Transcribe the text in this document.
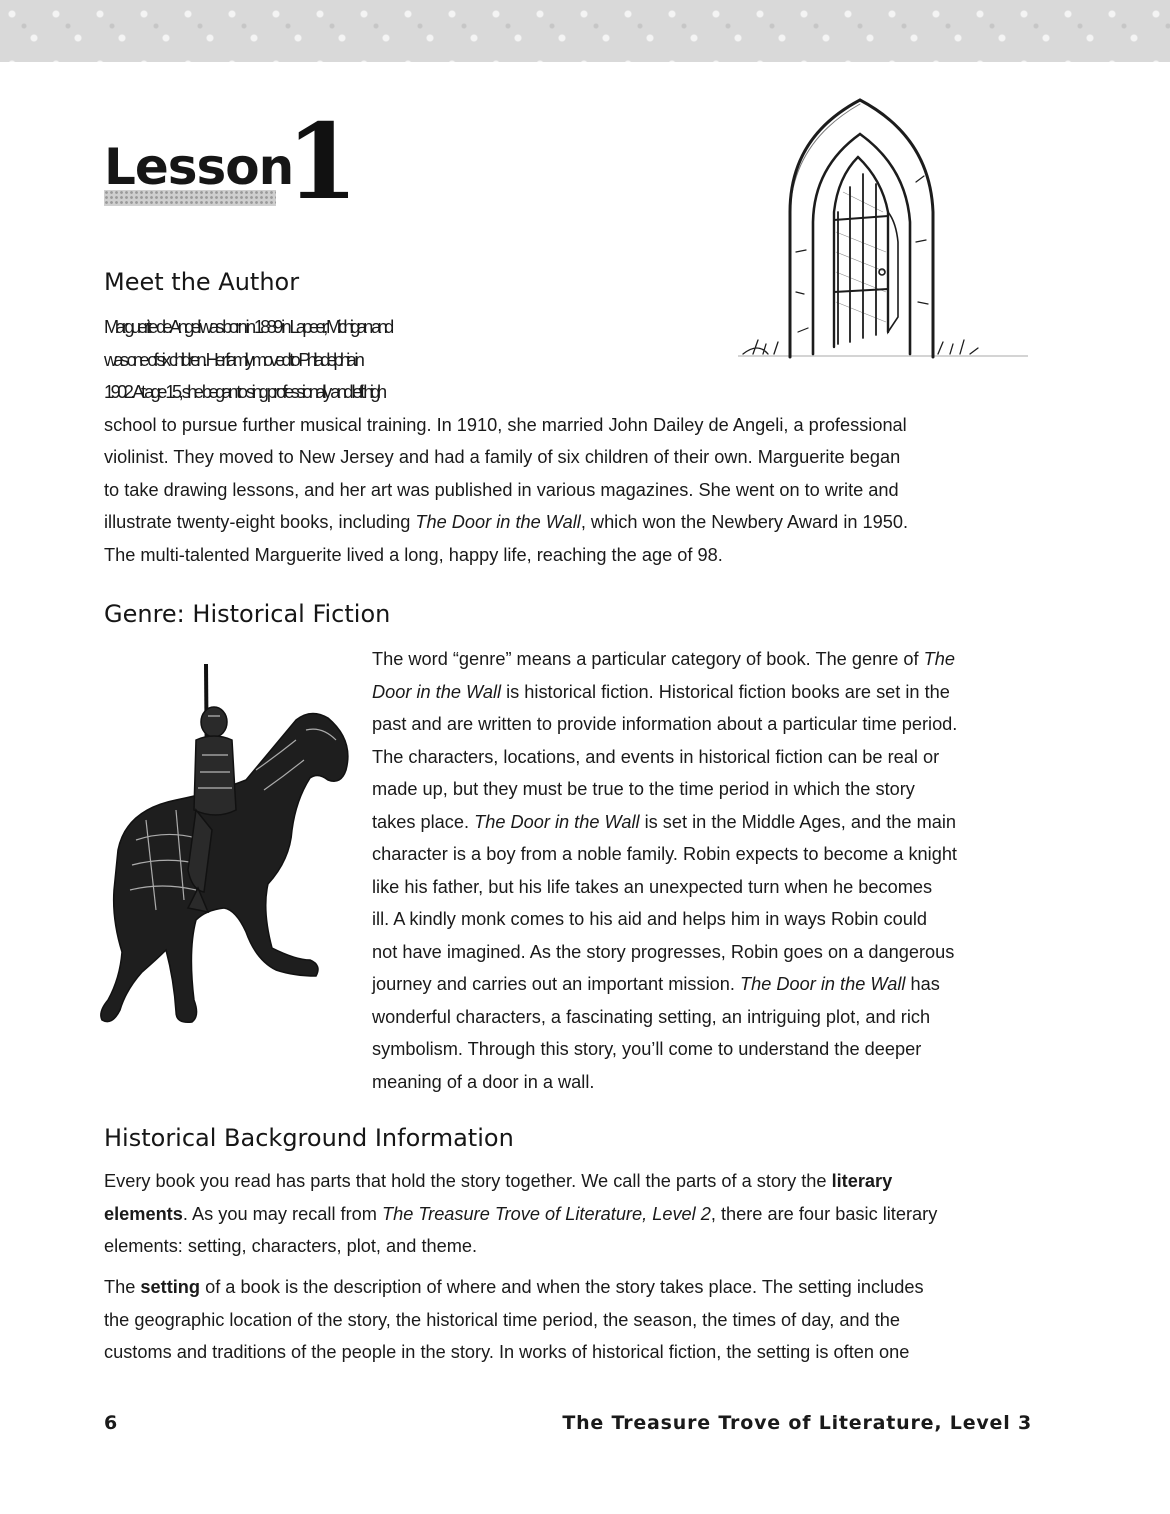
Lesson
1
Meet the Author
Marguerite de Angeli was born in 1889 in Lapeer, Michigan and
was one of six children. Her family moved to Philadelphia in
1902. At age 15, she began to sing professionally and left high
school to pursue further musical training. In 1910, she married John Dailey de Angeli, a professional
violinist. They moved to New Jersey and had a family of six children of their own. Marguerite began
to take drawing lessons, and her art was published in various magazines. She went on to write and
illustrate twenty-eight books, including The Door in the Wall, which won the Newbery Award in 1950.
The multi-talented Marguerite lived a long, happy life, reaching the age of 98.
Genre: Historical Fiction
The word “genre” means a particular category of book. The genre of The
Door in the Wall is historical fiction. Historical fiction books are set in the
past and are written to provide information about a particular time period.
The characters, locations, and events in historical fiction can be real or
made up, but they must be true to the time period in which the story
takes place. The Door in the Wall is set in the Middle Ages, and the main
character is a boy from a noble family. Robin expects to become a knight
like his father, but his life takes an unexpected turn when he becomes
ill. A kindly monk comes to his aid and helps him in ways Robin could
not have imagined. As the story progresses, Robin goes on a dangerous
journey and carries out an important mission. The Door in the Wall has
wonderful characters, a fascinating setting, an intriguing plot, and rich
symbolism. Through this story, you’ll come to understand the deeper
meaning of a door in a wall.
Historical Background Information
Every book you read has parts that hold the story together. We call the parts of a story the literary
elements. As you may recall from The Treasure Trove of Literature, Level 2, there are four basic literary
elements: setting, characters, plot, and theme.
The setting of a book is the description of where and when the story takes place. The setting includes
the geographic location of the story, the historical time period, the season, the times of day, and the
customs and traditions of the people in the story. In works of historical fiction, the setting is often one
6	The Treasure Trove of Literature, Level 3
